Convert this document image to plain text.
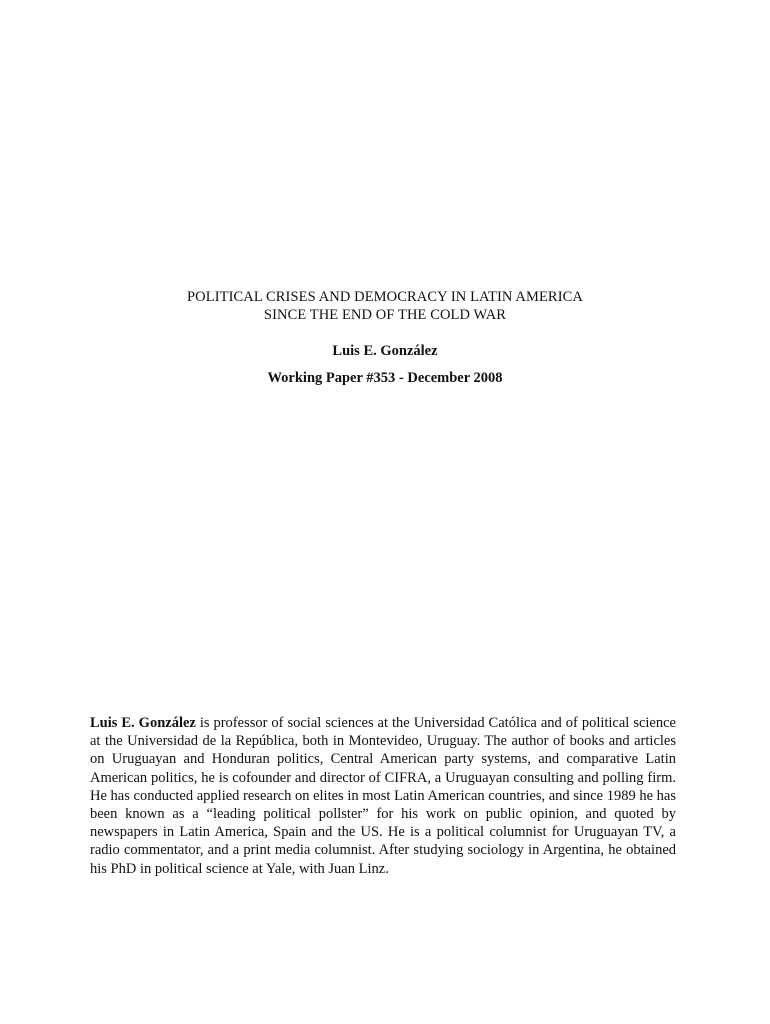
POLITICAL CRISES AND DEMOCRACY IN LATIN AMERICA
SINCE THE END OF THE COLD WAR
Luis E. González
Working Paper #353 - December 2008
Luis E. González is professor of social sciences at the Universidad Católica and of political science at the Universidad de la República, both in Montevideo, Uruguay. The author of books and articles on Uruguayan and Honduran politics, Central American party systems, and comparative Latin American politics, he is cofounder and director of CIFRA, a Uruguayan consulting and polling firm. He has conducted applied research on elites in most Latin American countries, and since 1989 he has been known as a “leading political pollster” for his work on public opinion, and quoted by newspapers in Latin America, Spain and the US. He is a political columnist for Uruguayan TV, a radio commentator, and a print media columnist. After studying sociology in Argentina, he obtained his PhD in political science at Yale, with Juan Linz.
